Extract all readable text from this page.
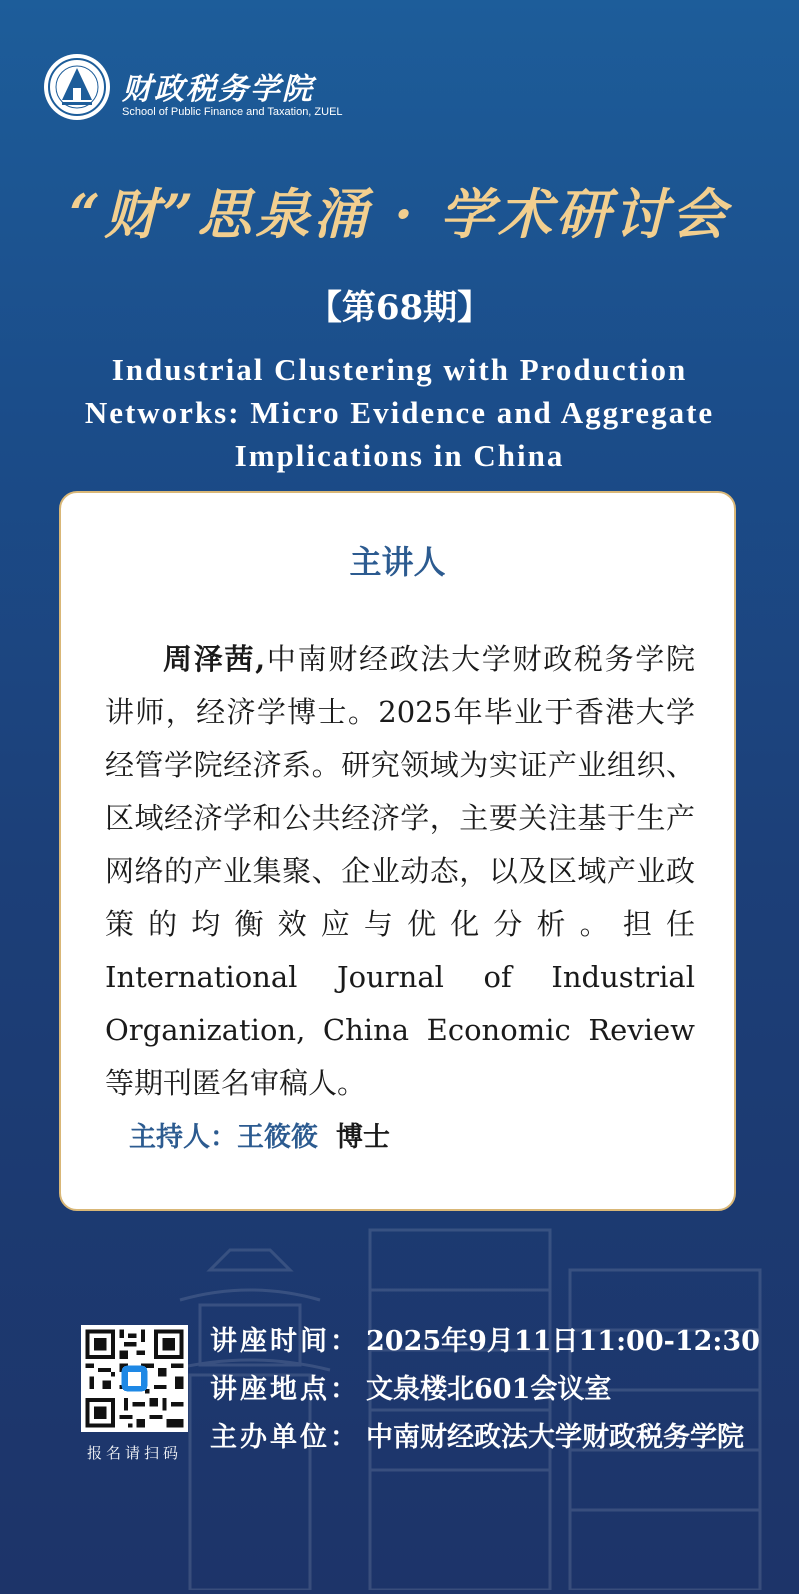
财政税务学院
School of Public Finance and Taxation, ZUEL
“财”思泉涌 · 学术研讨会
【第68期】
Industrial Clustering with Production Networks: Micro Evidence and Aggregate Implications in China
主讲人

周泽茜,中南财经政法大学财政税务学院讲师，经济学博士。2025年毕业于香港大学经管学院经济系。研究领域为实证产业组织、区域经济学和公共经济学，主要关注基于生产网络的产业集聚、企业动态，以及区域产业政策的均衡效应与优化分析。担任International Journal of Industrial Organization, China Economic Review等期刊匿名审稿人。

主持人：王筱筱 博士
报名请扫码
讲座时间： 2025年9月11日11:00-12:30
讲座地点： 文泉楼北601会议室
主办单位： 中南财经政法大学财政税务学院
